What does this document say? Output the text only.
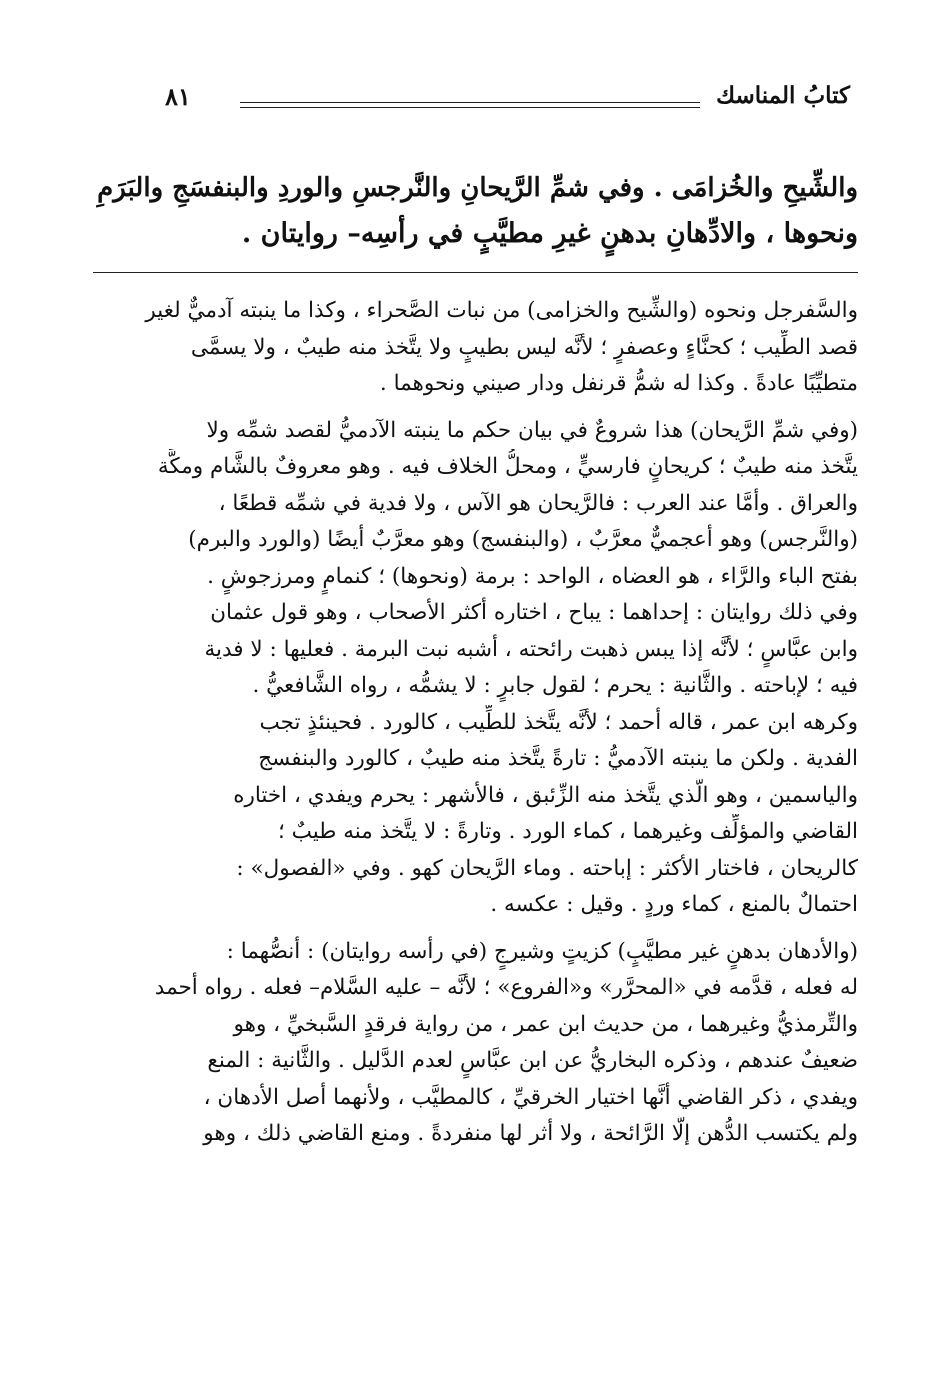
كتابُ المناسك
٨١
والشِّيحِ والخُزامَى . وفي شمِّ الرَّيحانِ والنَّرجسِ والوردِ والبنفسَجِ والبَرَمِ
ونحوها ، والادِّهانِ بدهنٍ غيرِ مطيَّبٍ في رأسِه– روايتان .
والسَّفرجل ونحوه (والشِّيح والخزامى) من نبات الصَّحراء ، وكذا ما ينبته آدميٌّ لغير
قصد الطِّيب ؛ كحنَّاءٍ وعصفرٍ ؛ لأنَّه ليس بطيبٍ ولا يتَّخذ منه طيبٌ ، ولا يسمَّى
متطيِّبًا عادةً . وكذا له شمُّ قرنفل ودار صيني ونحوهما .
(وفي شمِّ الرَّيحان) هذا شروعٌ في بيان حكم ما ينبته الآدميُّ لقصد شمِّه ولا
يتَّخذ منه طيبٌ ؛ كريحانٍ فارسيٍّ ، ومحلُّ الخلاف فيه . وهو معروفٌ بالشَّام ومكَّة
والعراق . وأمَّا عند العرب : فالرَّيحان هو الآس ، ولا فدية في شمِّه قطعًا ،
(والنَّرجس) وهو أعجميٌّ معرَّبٌ ، (والبنفسج) وهو معرَّبٌ أيضًا (والورد والبرم)
بفتح الباء والرَّاء ، هو العضاه ، الواحد : برمة (ونحوها) ؛ كنمامٍ ومرزجوشٍ .
وفي ذلك روايتان : إحداهما : يباح ، اختاره أكثر الأصحاب ، وهو قول عثمان
وابن عبَّاسٍ ؛ لأنَّه إذا يبس ذهبت رائحته ، أشبه نبت البرمة . فعليها : لا فدية
فيه ؛ لإباحته . والثَّانية : يحرم ؛ لقول جابرٍ : لا يشمُّه ، رواه الشَّافعيُّ .
وكرهه ابن عمر ، قاله أحمد ؛ لأنَّه يتَّخذ للطِّيب ، كالورد . فحينئذٍ تجب
الفدية . ولكن ما ينبته الآدميُّ : تارةً يتَّخذ منه طيبٌ ، كالورد والبنفسج
والياسمين ، وهو الَّذي يتَّخذ منه الزِّئبق ، فالأشهر : يحرم ويفدي ، اختاره
القاضي والمؤلِّف وغيرهما ، كماء الورد . وتارةً : لا يتَّخذ منه طيبٌ ؛
كالريحان ، فاختار الأكثر : إباحته . وماء الرَّيحان كهو . وفي «الفصول» :
احتمالٌ بالمنع ، كماء وردٍ . وقيل : عكسه .
(والأدهان بدهنٍ غير مطيَّبٍ) كزيتٍ وشيرجٍ (في رأسه روايتان) : أنصُّهما :
له فعله ، قدَّمه في «المحرَّر» و«الفروع» ؛ لأنَّه – عليه السَّلام– فعله . رواه أحمد
والتِّرمذيُّ وغيرهما ، من حديث ابن عمر ، من رواية فرقدٍ السَّبخيِّ ، وهو
ضعيفٌ عندهم ، وذكره البخاريُّ عن ابن عبَّاسٍ لعدم الدَّليل . والثَّانية : المنع
ويفدي ، ذكر القاضي أنَّها اختيار الخرقيِّ ، كالمطيَّب ، ولأنهما أصل الأدهان ،
ولم يكتسب الدُّهن إلَّا الرَّائحة ، ولا أثر لها منفردةً . ومنع القاضي ذلك ، وهو
